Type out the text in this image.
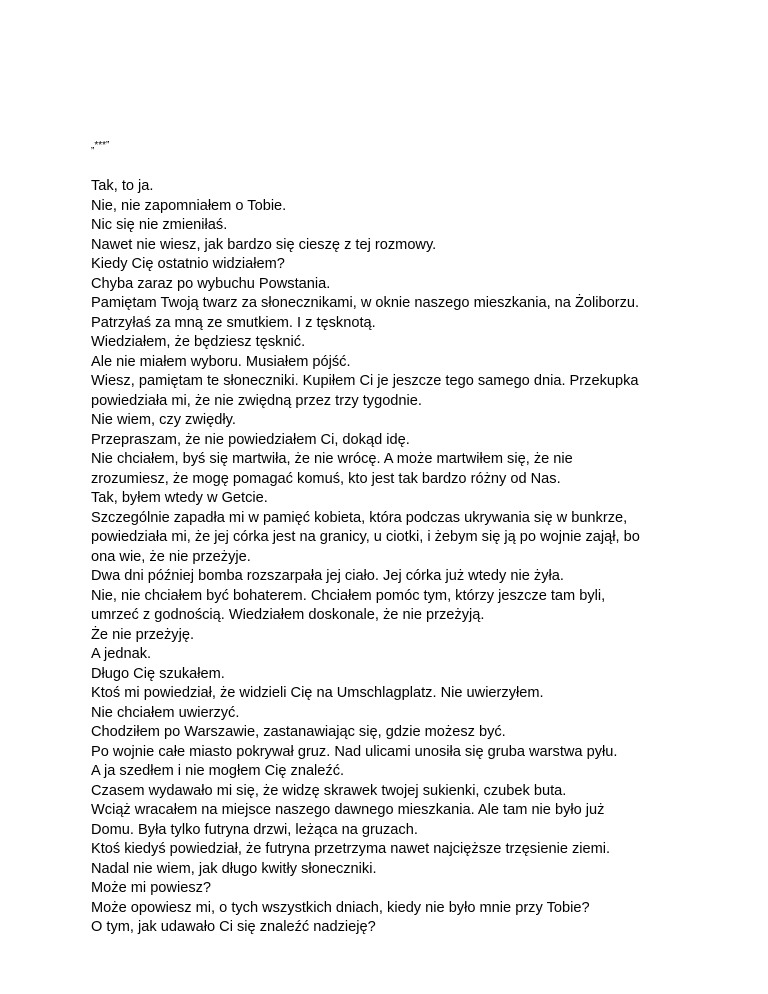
„***”

Tak, to ja.
Nie, nie zapomniałem o Tobie.
Nic się nie zmieniłaś.
Nawet nie wiesz, jak bardzo się cieszę z tej rozmowy.
Kiedy Cię ostatnio widziałem?
Chyba zaraz po wybuchu Powstania.
Pamiętam Twoją twarz za słonecznikami, w oknie naszego mieszkania, na Żoliborzu.
Patrzyłaś za mną ze smutkiem. I z tęsknotą.
Wiedziałem, że będziesz tęsknić.
Ale nie miałem wyboru. Musiałem pójść.
Wiesz, pamiętam te słoneczniki. Kupiłem Ci je jeszcze tego samego dnia. Przekupka
powiedziała mi, że nie zwiędną przez trzy tygodnie.
Nie wiem, czy zwiędły.
Przepraszam, że nie powiedziałem Ci, dokąd idę.
Nie chciałem, byś się martwiła, że nie wrócę. A może martwiłem się, że nie
zrozumiesz, że mogę pomagać komuś, kto jest tak bardzo różny od Nas.
Tak, byłem wtedy w Getcie.
Szczególnie zapadła mi w pamięć kobieta, która podczas ukrywania się w bunkrze,
powiedziała mi, że jej córka jest na granicy, u ciotki, i żebym się ją po wojnie zajął, bo
ona wie, że nie przeżyje.
Dwa dni później bomba rozszarpała jej ciało. Jej córka już wtedy nie żyła.
Nie, nie chciałem być bohaterem. Chciałem pomóc tym, którzy jeszcze tam byli,
umrzeć z godnością. Wiedziałem doskonale, że nie przeżyją.
Że nie przeżyję.
A jednak.
Długo Cię szukałem.
Ktoś mi powiedział, że widzieli Cię na Umschlagplatz. Nie uwierzyłem.
Nie chciałem uwierzyć.
Chodziłem po Warszawie, zastanawiając się, gdzie możesz być.
Po wojnie całe miasto pokrywał gruz. Nad ulicami unosiła się gruba warstwa pyłu.
A ja szedłem i nie mogłem Cię znaleźć.
Czasem wydawało mi się, że widzę skrawek twojej sukienki, czubek buta.
Wciąż wracałem na miejsce naszego dawnego mieszkania. Ale tam nie było już
Domu. Była tylko futryna drzwi, leżąca na gruzach.
Ktoś kiedyś powiedział, że futryna przetrzyma nawet najcięższe trzęsienie ziemi.
Nadal nie wiem, jak długo kwitły słoneczniki.
Może mi powiesz?
Może opowiesz mi, o tych wszystkich dniach, kiedy nie było mnie przy Tobie?
O tym, jak udawało Ci się znaleźć nadzieję?
